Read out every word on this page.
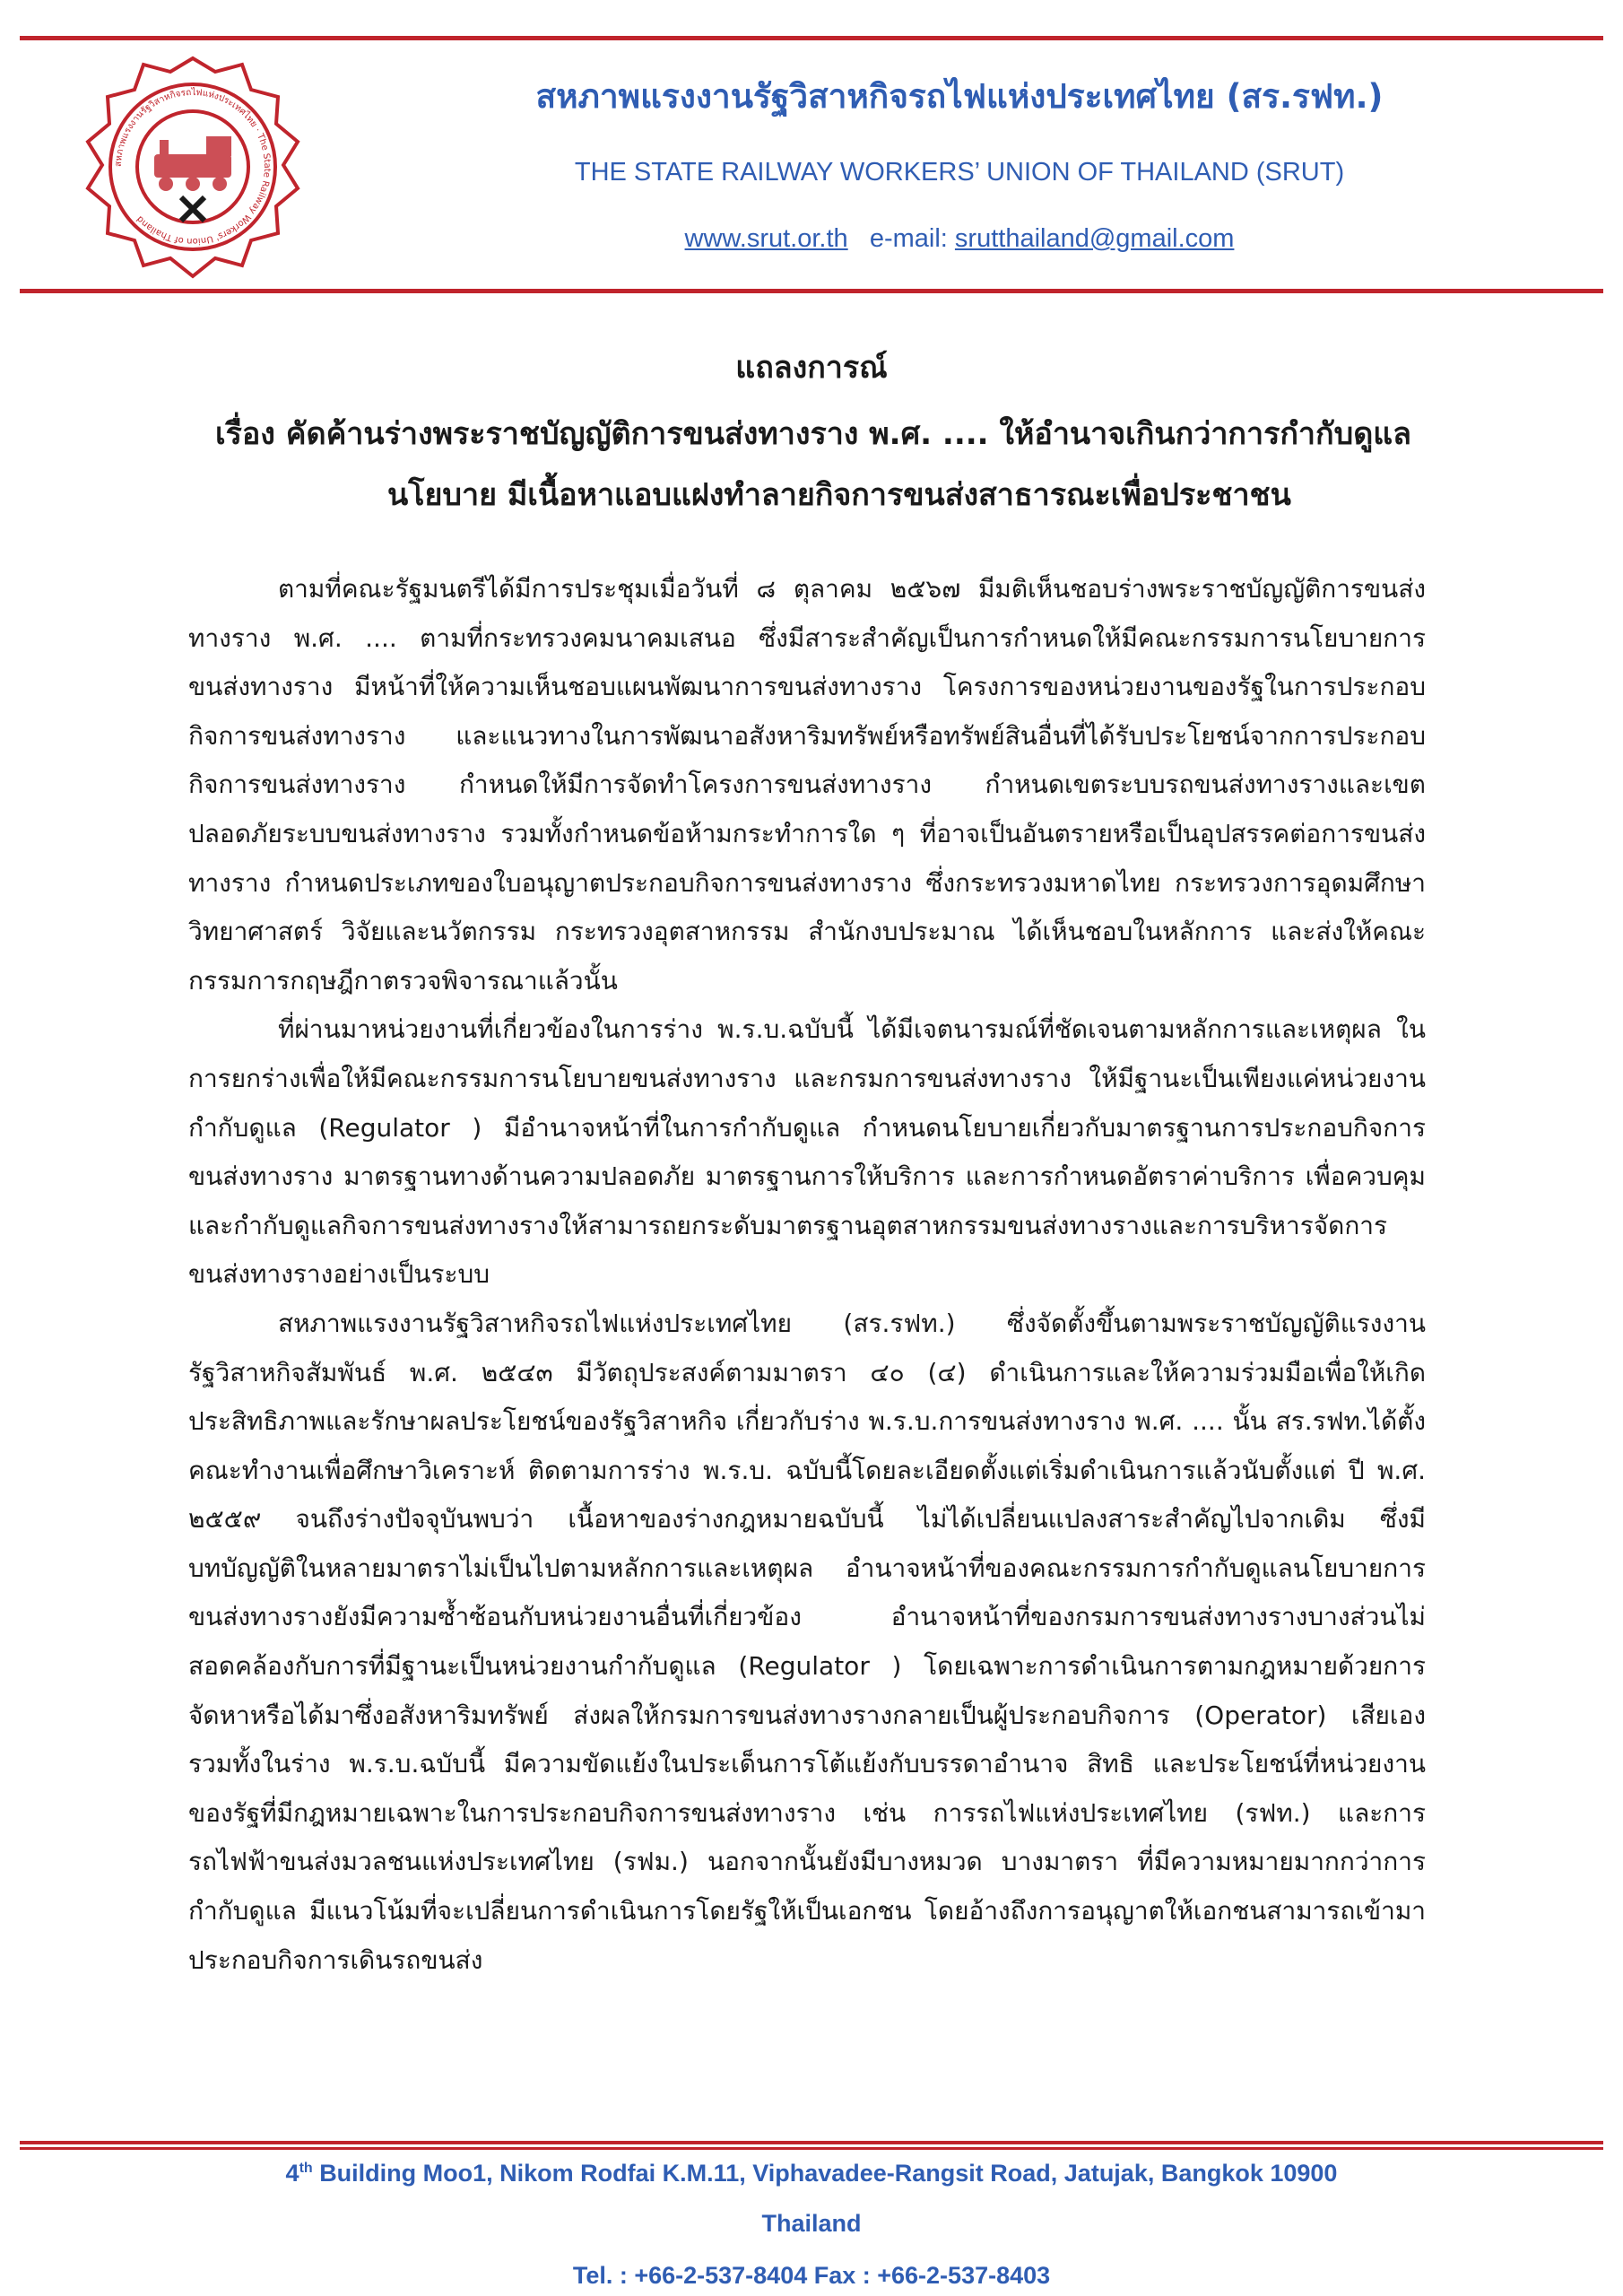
สหภาพแรงงานรัฐวิสาหกิจรถไฟแห่งประเทศไทย · The State Railway Workers' Union of Thailand
สหภาพแรงงานรัฐวิสาหกิจรถไฟแห่งประเทศไทย (สร.รฟท.)
THE STATE RAILWAY WORKERS’ UNION OF THAILAND (SRUT)
www.srut.or.th e-mail: srutthailand@gmail.com
แถลงการณ์
เรื่อง คัดค้านร่างพระราชบัญญัติการขนส่งทางราง พ.ศ. .... ให้อำนาจเกินกว่าการกำกับดูแล
นโยบาย มีเนื้อหาแอบแฝงทำลายกิจการขนส่งสาธารณะเพื่อประชาชน

ตามที่คณะรัฐมนตรีได้มีการประชุมเมื่อวันที่ ๘ ตุลาคม ๒๕๖๗ มีมติเห็นชอบร่างพระราชบัญญัติการขนส่งทางราง พ.ศ. .... ตามที่กระทรวงคมนาคมเสนอ ซึ่งมีสาระสำคัญเป็นการกำหนดให้มีคณะกรรมการนโยบายการขนส่งทางราง มีหน้าที่ให้ความเห็นชอบแผนพัฒนาการขนส่งทางราง โครงการของหน่วยงานของรัฐในการประกอบกิจการขนส่งทางราง และแนวทางในการพัฒนาอสังหาริมทรัพย์หรือทรัพย์สินอื่นที่ได้รับประโยชน์จากการประกอบกิจการขนส่งทางราง กำหนดให้มีการจัดทำโครงการขนส่งทางราง กำหนดเขตระบบรถขนส่งทางรางและเขตปลอดภัยระบบขนส่งทางราง รวมทั้งกำหนดข้อห้ามกระทำการใด ๆ ที่อาจเป็นอันตรายหรือเป็นอุปสรรคต่อการขนส่งทางราง กำหนดประเภทของใบอนุญาตประกอบกิจการขนส่งทางราง ซึ่งกระทรวงมหาดไทย กระทรวงการอุดมศึกษา วิทยาศาสตร์ วิจัยและนวัตกรรม กระทรวงอุตสาหกรรม สำนักงบประมาณ ได้เห็นชอบในหลักการ และส่งให้คณะกรรมการกฤษฎีกาตรวจพิจารณาแล้วนั้น

ที่ผ่านมาหน่วยงานที่เกี่ยวข้องในการร่าง พ.ร.บ.ฉบับนี้ ได้มีเจตนารมณ์ที่ชัดเจนตามหลักการและเหตุผล ในการยกร่างเพื่อให้มีคณะกรรมการนโยบายขนส่งทางราง และกรมการขนส่งทางราง ให้มีฐานะเป็นเพียงแค่หน่วยงานกำกับดูแล (Regulator ) มีอำนาจหน้าที่ในการกำกับดูแล กำหนดนโยบายเกี่ยวกับมาตรฐานการประกอบกิจการขนส่งทางราง มาตรฐานทางด้านความปลอดภัย มาตรฐานการให้บริการ และการกำหนดอัตราค่าบริการ เพื่อควบคุมและกำกับดูแลกิจการขนส่งทางรางให้สามารถยกระดับมาตรฐานอุตสาหกรรมขนส่งทางรางและการบริหารจัดการขนส่งทางรางอย่างเป็นระบบ

สหภาพแรงงานรัฐวิสาหกิจรถไฟแห่งประเทศไทย (สร.รฟท.) ซึ่งจัดตั้งขึ้นตามพระราชบัญญัติแรงงานรัฐวิสาหกิจสัมพันธ์ พ.ศ. ๒๕๔๓ มีวัตถุประสงค์ตามมาตรา ๔๐ (๔) ดำเนินการและให้ความร่วมมือเพื่อให้เกิดประสิทธิภาพและรักษาผลประโยชน์ของรัฐวิสาหกิจ เกี่ยวกับร่าง พ.ร.บ.การขนส่งทางราง พ.ศ. .... นั้น สร.รฟท.ได้ตั้งคณะทำงานเพื่อศึกษาวิเคราะห์ ติดตามการร่าง พ.ร.บ. ฉบับนี้โดยละเอียดตั้งแต่เริ่มดำเนินการแล้วนับตั้งแต่ ปี พ.ศ. ๒๕๕๙ จนถึงร่างปัจจุบันพบว่า เนื้อหาของร่างกฎหมายฉบับนี้ ไม่ได้เปลี่ยนแปลงสาระสำคัญไปจากเดิม ซึ่งมีบทบัญญัติในหลายมาตราไม่เป็นไปตามหลักการและเหตุผล อำนาจหน้าที่ของคณะกรรมการกำกับดูแลนโยบายการขนส่งทางรางยังมีความซ้ำซ้อนกับหน่วยงานอื่นที่เกี่ยวข้อง อำนาจหน้าที่ของกรมการขนส่งทางรางบางส่วนไม่สอดคล้องกับการที่มีฐานะเป็นหน่วยงานกำกับดูแล (Regulator ) โดยเฉพาะการดำเนินการตามกฎหมายด้วยการจัดหาหรือได้มาซึ่งอสังหาริมทรัพย์ ส่งผลให้กรมการขนส่งทางรางกลายเป็นผู้ประกอบกิจการ (Operator) เสียเอง รวมทั้งในร่าง พ.ร.บ.ฉบับนี้ มีความขัดแย้งในประเด็นการโต้แย้งกับบรรดาอำนาจ สิทธิ และประโยชน์ที่หน่วยงานของรัฐที่มีกฎหมายเฉพาะในการประกอบกิจการขนส่งทางราง เช่น การรถไฟแห่งประเทศไทย (รฟท.) และการรถไฟฟ้าขนส่งมวลชนแห่งประเทศไทย (รฟม.) นอกจากนั้นยังมีบางหมวด บางมาตรา ที่มีความหมายมากกว่าการกำกับดูแล มีแนวโน้มที่จะเปลี่ยนการดำเนินการโดยรัฐให้เป็นเอกชน โดยอ้างถึงการอนุญาตให้เอกชนสามารถเข้ามาประกอบกิจการเดินรถขนส่ง

4th Building Moo1, Nikom Rodfai K.M.11, Viphavadee-Rangsit Road, Jatujak, Bangkok 10900
Thailand
Tel. : +66-2-537-8404 Fax : +66-2-537-8403
